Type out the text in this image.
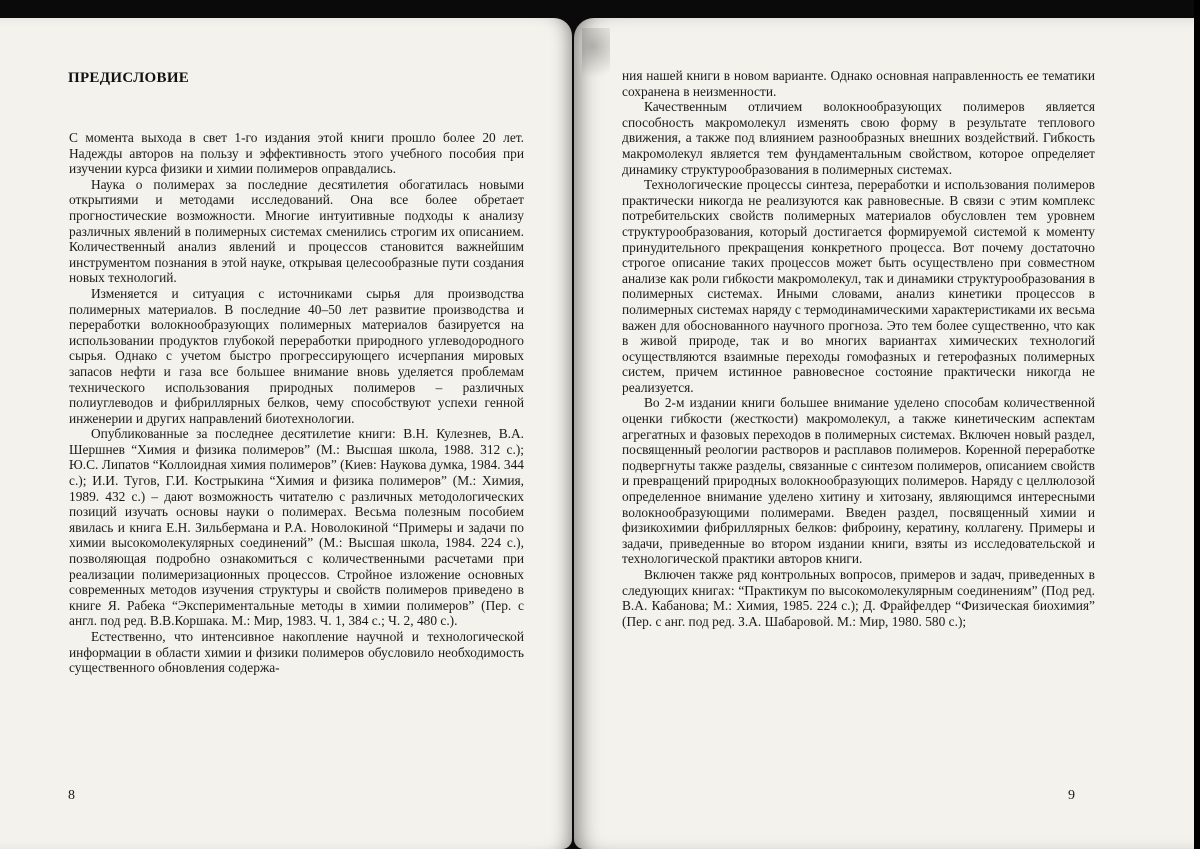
ПРЕДИСЛОВИЕ

С момента выхода в свет 1-го издания этой книги прошло более 20 лет. Надежды авторов на пользу и эффективность этого учебного пособия при изучении курса физики и химии полимеров оправдались.

Наука о полимерах за последние десятилетия обогатилась новыми открытиями и методами исследований. Она все более обретает прогностические возможности. Многие интуитивные подходы к анализу различных явлений в полимерных системах сменились строгим их описанием. Количественный анализ явлений и процессов становится важнейшим инструментом познания в этой науке, открывая целесообразные пути создания новых технологий.

Изменяется и ситуация с источниками сырья для производства полимерных материалов. В последние 40–50 лет развитие производства и переработки волокнообразующих полимерных материалов базируется на использовании продуктов глубокой переработки природного углеводородного сырья. Однако с учетом быстро прогрессирующего исчерпания мировых запасов нефти и газа все большее внимание вновь уделяется проблемам технического использования природных полимеров – различных полиуглеводов и фибриллярных белков, чему способствуют успехи генной инженерии и других направлений биотехнологии.

Опубликованные за последнее десятилетие книги: В.Н. Кулезнев, В.А. Шершнев “Химия и физика полимеров” (М.: Высшая школа, 1988. 312 с.); Ю.С. Липатов “Коллоидная химия полимеров” (Киев: Наукова думка, 1984. 344 с.); И.И. Тугов, Г.И. Кострыкина “Химия и физика полимеров” (М.: Химия, 1989. 432 с.) – дают возможность читателю с различных методологических позиций изучать основы науки о полимерах. Весьма полезным пособием явилась и книга Е.Н. Зильбермана и Р.А. Новолокиной “Примеры и задачи по химии высокомолекулярных соединений” (М.: Высшая школа, 1984. 224 с.), позволяющая подробно ознакомиться с количественными расчетами при реализации полимеризационных процессов. Стройное изложение основных современных методов изучения структуры и свойств полимеров приведено в книге Я. Рабека “Экспериментальные методы в химии полимеров” (Пер. с англ. под ред. В.В.Коршака. М.: Мир, 1983. Ч. 1, 384 с.; Ч. 2, 480 с.).

Естественно, что интенсивное накопление научной и технологической информации в области химии и физики полимеров обусловило необходимость существенного обновления содержа-

8

ния нашей книги в новом варианте. Однако основная направленность ее тематики сохранена в неизменности.

Качественным отличием волокнообразующих полимеров является способность макромолекул изменять свою форму в результате теплового движения, а также под влиянием разнообразных внешних воздействий. Гибкость макромолекул является тем фундаментальным свойством, которое определяет динамику структурообразования в полимерных системах.

Технологические процессы синтеза, переработки и использования полимеров практически никогда не реализуются как равновесные. В связи с этим комплекс потребительских свойств полимерных материалов обусловлен тем уровнем структурообразования, который достигается формируемой системой к моменту принудительного прекращения конкретного процесса. Вот почему достаточно строгое описание таких процессов может быть осуществлено при совместном анализе как роли гибкости макромолекул, так и динамики структурообразования в полимерных системах. Иными словами, анализ кинетики процессов в полимерных системах наряду с термодинамическими характеристиками их весьма важен для обоснованного научного прогноза. Это тем более существенно, что как в живой природе, так и во многих вариантах химических технологий осуществляются взаимные переходы гомофазных и гетерофазных полимерных систем, причем истинное равновесное состояние практически никогда не реализуется.

Во 2-м издании книги большее внимание уделено способам количественной оценки гибкости (жесткости) макромолекул, а также кинетическим аспектам агрегатных и фазовых переходов в полимерных системах. Включен новый раздел, посвященный реологии растворов и расплавов полимеров. Коренной переработке подвергнуты также разделы, связанные с синтезом полимеров, описанием свойств и превращений природных волокнообразующих полимеров. Наряду с целлюлозой определенное внимание уделено хитину и хитозану, являющимся интересными волокнообразующими полимерами. Введен раздел, посвященный химии и физикохимии фибриллярных белков: фиброину, кератину, коллагену. Примеры и задачи, приведенные во втором издании книги, взяты из исследовательской и технологической практики авторов книги.

Включен также ряд контрольных вопросов, примеров и задач, приведенных в следующих книгах: “Практикум по высокомолекулярным соединениям” (Под ред. В.А. Кабанова; М.: Химия, 1985. 224 с.); Д. Фрайфелдер “Физическая биохимия” (Пер. с анг. под ред. З.А. Шабаровой. М.: Мир, 1980. 580 с.);

9
